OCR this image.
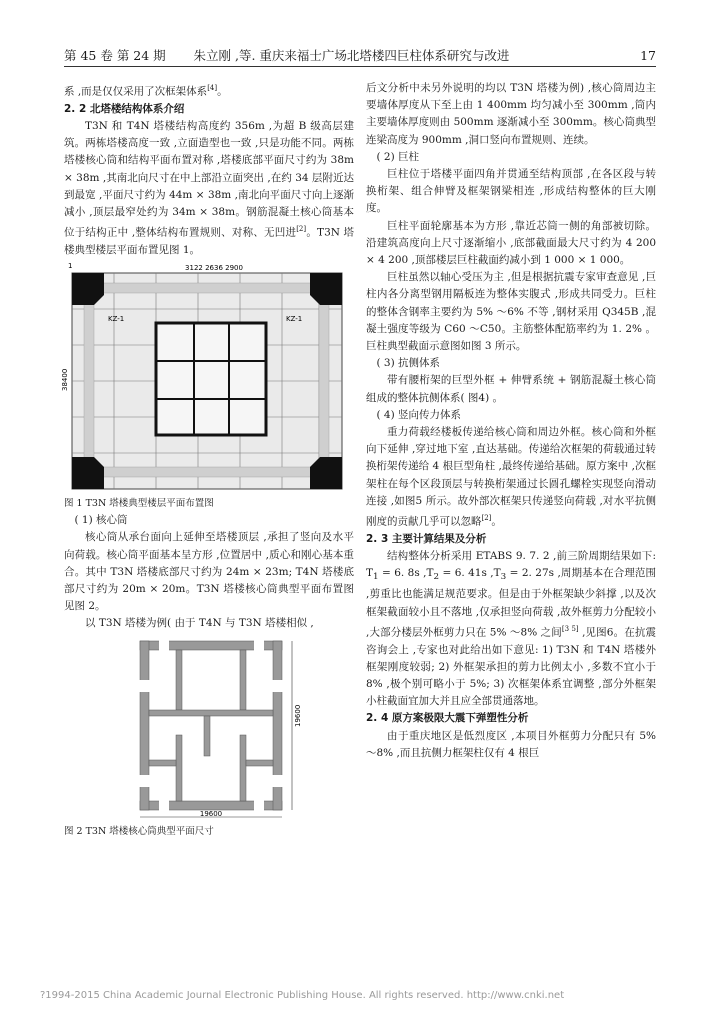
第 45 卷 第 24 期 朱立刚 ,等. 重庆来福士广场北塔楼四巨柱体系研究与改进	17

系 ,而是仅仅采用了次框架体系[4]。

2. 2 北塔楼结构体系介绍

T3N 和 T4N 塔楼结构高度约 356m ,为超 B 级高层建筑。两栋塔楼高度一致 ,立面造型也一致 ,只是功能不同。两栋塔楼核心筒和结构平面布置对称 ,塔楼底部平面尺寸约为 38m × 38m ,其南北向尺寸在中上部沿立面突出 ,在约 34 层附近达到最宽 ,平面尺寸约为 44m × 38m ,南北向平面尺寸向上逐渐减小 ,顶层最窄处约为 34m × 38m。钢筋混凝土核心筒基本位于结构正中 ,整体结构布置规则、对称、无凹进[2]。T3N 塔楼典型楼层平面布置见图 1。

3122 2636 2900
1
KZ-1	KZ-1
38400

图 1 T3N 塔楼典型楼层平面布置图

( 1) 核心筒

核心筒从承台面向上延伸至塔楼顶层 ,承担了竖向及水平向荷载。核心筒平面基本呈方形 ,位置居中 ,质心和刚心基本重合。其中 T3N 塔楼底部尺寸约为 24m × 23m; T4N 塔楼底部尺寸约为 20m × 20m。T3N 塔楼核心筒典型平面布置图见图 2。

以 T3N 塔楼为例( 由于 T4N 与 T3N 塔楼相似 ,

19600
19600

图 2 T3N 塔楼核心筒典型平面尺寸

后文分析中未另外说明的均以 T3N 塔楼为例) ,核心筒周边主要墙体厚度从下至上由 1 400mm 均匀减小至 300mm ,筒内主要墙体厚度则由 500mm 逐渐减小至 300mm。核心筒典型连梁高度为 900mm ,洞口竖向布置规则、连续。

( 2) 巨柱

巨柱位于塔楼平面四角并贯通至结构顶部 ,在各区段与转换桁架、组合伸臂及框架钢梁相连 ,形成结构整体的巨大刚度。

巨柱平面轮廓基本为方形 ,靠近芯筒一侧的角部被切除。沿建筑高度向上尺寸逐渐缩小 ,底部截面最大尺寸约为 4 200 × 4 200 ,顶部楼层巨柱截面约减小到 1 000 × 1 000。

巨柱虽然以轴心受压为主 ,但是根据抗震专家审查意见 ,巨柱内各分离型钢用隔板连为整体实腹式 ,形成共同受力。巨柱的整体含钢率主要约为 5% ～6% 不等 ,钢材采用 Q345B ,混凝土强度等级为 C60 ～C50。主筋整体配筋率约为 1. 2% 。巨柱典型截面示意图如图 3 所示。

( 3) 抗侧体系

带有腰桁架的巨型外框 + 伸臂系统 + 钢筋混凝土核心筒组成的整体抗侧体系( 图4) 。

( 4) 竖向传力体系

重力荷载经楼板传递给核心筒和周边外框。核心筒和外框向下延伸 ,穿过地下室 ,直达基础。传递给次框架的荷载通过转换桁架传递给 4 根巨型角柱 ,最终传递给基础。原方案中 ,次框架柱在每个区段顶层与转换桁架通过长圆孔螺栓实现竖向滑动连接 ,如图5 所示。故外部次框架只传递竖向荷载 ,对水平抗侧刚度的贡献几乎可以忽略[2]。

2. 3 主要计算结果及分析

结构整体分析采用 ETABS 9. 7. 2 ,前三阶周期结果如下: $T_1 = 6$. 8s $,T_2 = 6$. 41s $,T_3 = 2$. 27s ,周期基本在合理范围 ,剪重比也能满足规范要求。但是由于外框架缺少斜撑 ,以及次框架截面较小且不落地 ,仅承担竖向荷载 ,故外框剪力分配较小 ,大部分楼层外框剪力只在 5% ～8% 之间[3 5] ,见图6。在抗震咨询会上 ,专家也对此给出如下意见: 1) T3N 和 T4N 塔楼外框架刚度较弱; 2) 外框架承担的剪力比例太小 ,多数不宜小于 8% ,极个别可略小于 5%; 3) 次框架体系宜调整 ,部分外框架小柱截面宜加大并且应全部贯通落地。

2. 4 原方案极限大震下弹塑性分析

由于重庆地区是低烈度区 ,本项目外框剪力分配只有 5% ～8% ,而且抗侧力框架柱仅有 4 根巨

?1994-2015 China Academic Journal Electronic Publishing House. All rights reserved. http://www.cnki.net
